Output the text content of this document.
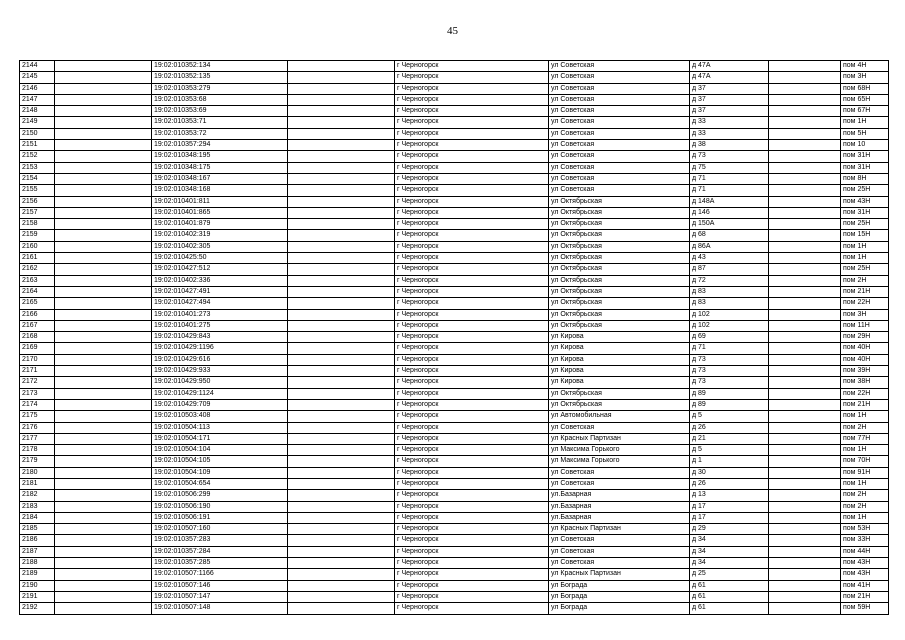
45
2144		19:02:010352:134		г Черногорск	ул Советская	д 47А		пом 4Н
2145		19:02:010352:135		г Черногорск	ул Советская	д 47А		пом 3Н
2146		19:02:010353:279		г Черногорск	ул Советская	д 37		пом 68Н
2147		19:02:010353:68		г Черногорск	ул Советская	д 37		пом 65Н
2148		19:02:010353:69		г Черногорск	ул Советская	д 37		пом 67Н
2149		19:02:010353:71		г Черногорск	ул Советская	д 33		пом 1Н
2150		19:02:010353:72		г Черногорск	ул Советская	д 33		пом 5Н
2151		19:02:010357:294		г Черногорск	ул Советская	д 38		пом 10
2152		19:02:010348:195		г Черногорск	ул Советская	д 73		пом 31Н
2153		19:02:010348:175		г Черногорск	ул Советская	д 75		пом 31Н
2154		19:02:010348:167		г Черногорск	ул Советская	д 71		пом 8Н
2155		19:02:010348:168		г Черногорск	ул Советская	д 71		пом 25Н
2156		19:02:010401:811		г Черногорск	ул Октябрьская	д 148А		пом 43Н
2157		19:02:010401:865		г Черногорск	ул Октябрьская	д 146		пом 31Н
2158		19:02:010401:879		г Черногорск	ул Октябрьская	д 150А		пом 25Н
2159		19:02:010402:319		г Черногорск	ул Октябрьская	д 68		пом 15Н
2160		19:02:010402:305		г Черногорск	ул Октябрьская	д 86А		пом 1Н
2161		19:02:010425:50		г Черногорск	ул Октябрьская	д 43		пом 1Н
2162		19:02:010427:512		г Черногорск	ул Октябрьская	д 87		пом 25Н
2163		19:02:010402:336		г Черногорск	ул Октябрьская	д 72		пом 2Н
2164		19:02:010427:491		г Черногорск	ул Октябрьская	д 83		пом 21Н
2165		19:02:010427:494		г Черногорск	ул Октябрьская	д 83		пом 22Н
2166		19:02:010401:273		г Черногорск	ул Октябрьская	д 102		пом 3Н
2167		19:02:010401:275		г Черногорск	ул Октябрьская	д 102		пом 11Н
2168		19:02:010429:843		г Черногорск	ул Кирова	д 69		пом 29Н
2169		19:02:010429:1196		г Черногорск	ул Кирова	д 71		пом 40Н
2170		19:02:010429:616		г Черногорск	ул Кирова	д 73		пом 40Н
2171		19:02:010429:933		г Черногорск	ул Кирова	д 73		пом 39Н
2172		19:02:010429:950		г Черногорск	ул Кирова	д 73		пом 38Н
2173		19:02:010429:1124		г Черногорск	ул Октябрьская	д 89		пом 22Н
2174		19:02:010429:709		г Черногорск	ул Октябрьская	д 89		пом 21Н
2175		19:02:010503:408		г Черногорск	ул Автомобильная	д 5		пом 1Н
2176		19:02:010504:113		г Черногорск	ул Советская	д 26		пом 2Н
2177		19:02:010504:171		г Черногорск	ул Красных Партизан	д 21		пом 77Н
2178		19:02:010504:104		г Черногорск	ул Максима Горького	д 5		пом 1Н
2179		19:02:010504:105		г Черногорск	ул Максима Горького	д 1		пом 70Н
2180		19:02:010504:109		г Черногорск	ул Советская	д 30		пом 91Н
2181		19:02:010504:654		г Черногорск	ул Советская	д 26		пом 1Н
2182		19:02:010506:299		г Черногорск	ул.Базарная	д 13		пом 2Н
2183		19:02:010506:190		г Черногорск	ул.Базарная	д 17		пом 2Н
2184		19:02:010506:191		г Черногорск	ул.Базарная	д 17		пом 1Н
2185		19:02:010507:160		г Черногорск	ул Красных Партизан	д 29		пом 53Н
2186		19:02:010357:283		г Черногорск	ул Советская	д 34		пом 33Н
2187		19:02:010357:284		г Черногорск	ул Советская	д 34		пом 44Н
2188		19:02:010357:285		г Черногорск	ул Советская	д 34		пом 43Н
2189		19:02:010507:1166		г Черногорск	ул Красных Партизан	д 25		пом 43Н
2190		19:02:010507:146		г Черногорск	ул Бограда	д 61		пом 41Н
2191		19:02:010507:147		г Черногорск	ул Бограда	д 61		пом 21Н
2192		19:02:010507:148		г Черногорск	ул Бограда	д 61		пом 59Н
